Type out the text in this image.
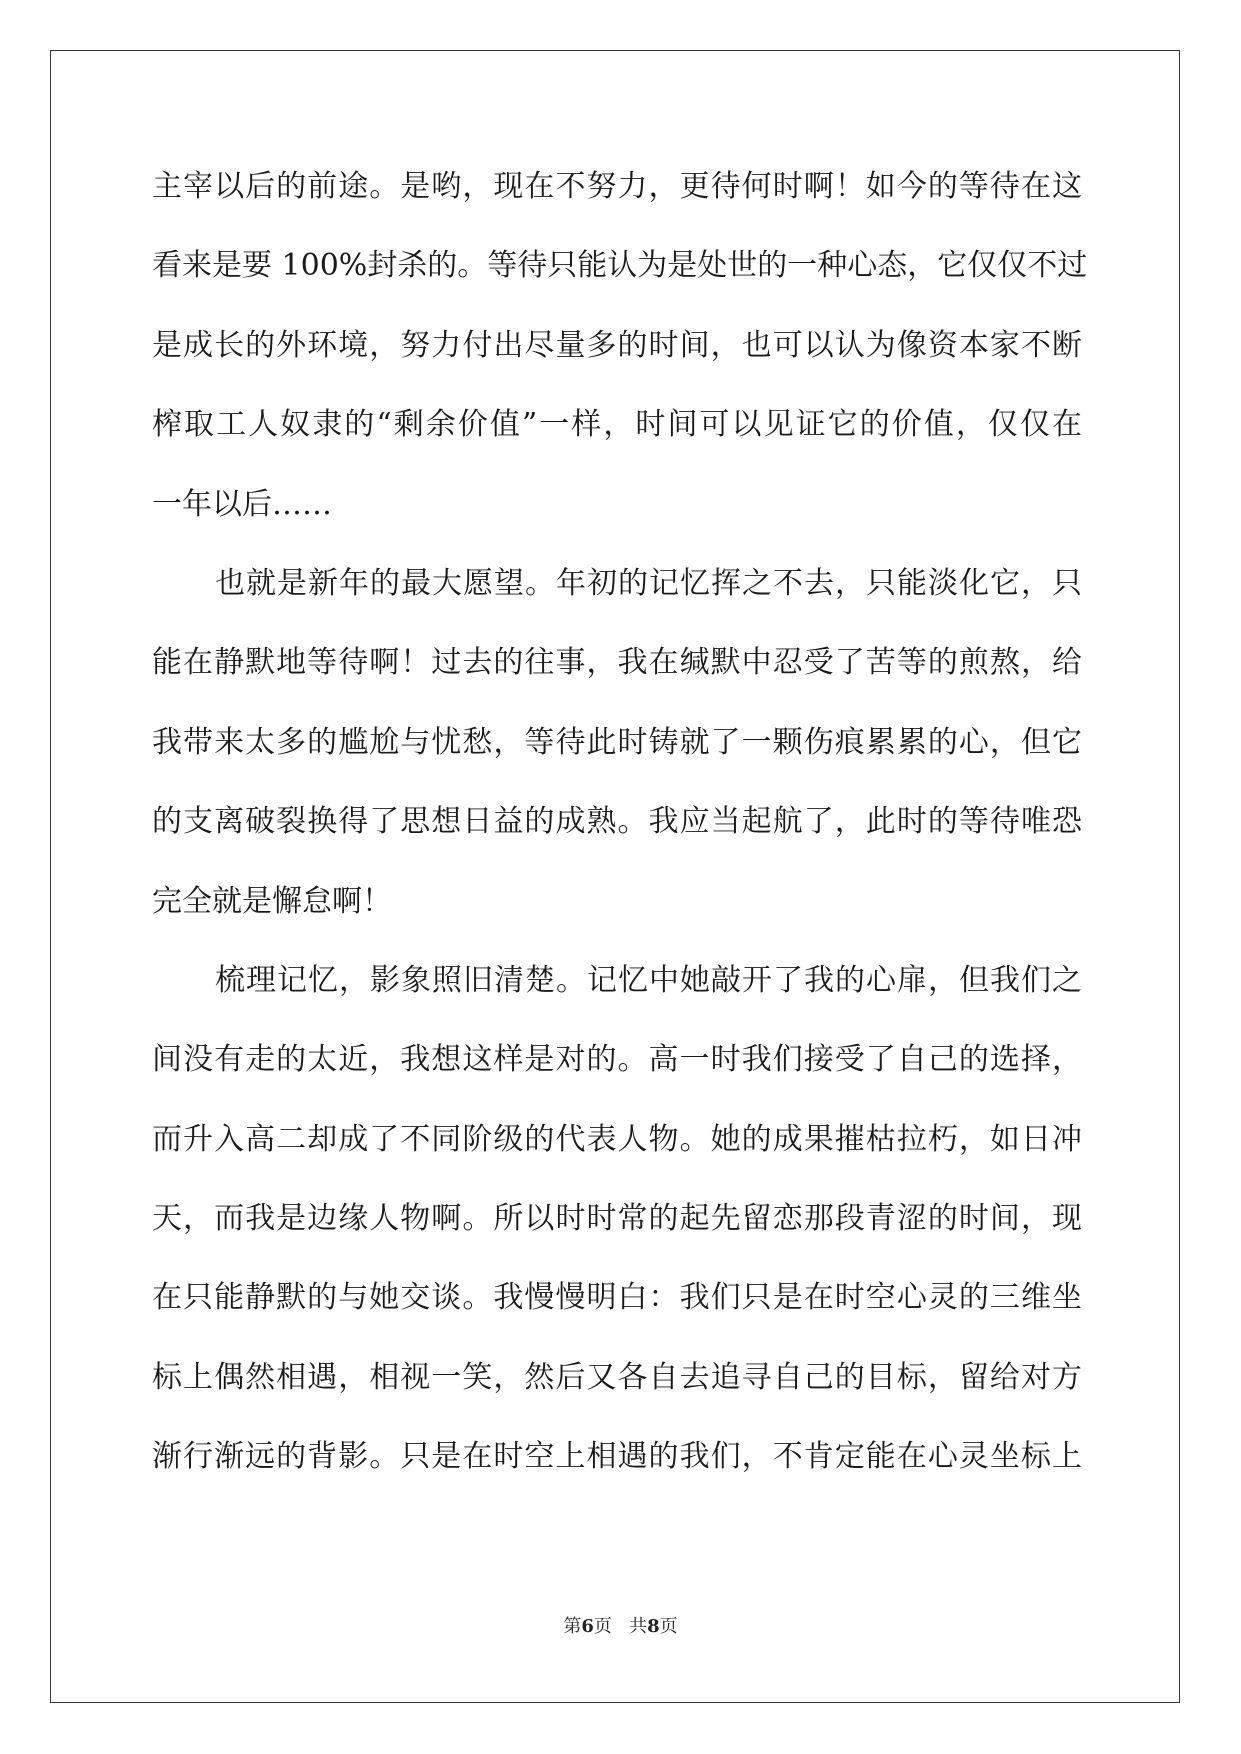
主宰以后的前途。是哟，现在不努力，更待何时啊！如今的等待在这
看来是要 100%封杀的。等待只能认为是处世的一种心态，它仅仅不过
是成长的外环境，努力付出尽量多的时间，也可以认为像资本家不断
榨取工人奴隶的“剩余价值”一样，时间可以见证它的价值，仅仅在
一年以后……
也就是新年的最大愿望。年初的记忆挥之不去，只能淡化它，只
能在静默地等待啊！过去的往事，我在缄默中忍受了苦等的煎熬，给
我带来太多的尴尬与忧愁，等待此时铸就了一颗伤痕累累的心，但它
的支离破裂换得了思想日益的成熟。我应当起航了，此时的等待唯恐
完全就是懈怠啊！
梳理记忆，影象照旧清楚。记忆中她敲开了我的心扉，但我们之
间没有走的太近，我想这样是对的。高一时我们接受了自己的选择，
而升入高二却成了不同阶级的代表人物。她的成果摧枯拉朽，如日冲
天，而我是边缘人物啊。所以时时常的起先留恋那段青涩的时间，现
在只能静默的与她交谈。我慢慢明白：我们只是在时空心灵的三维坐
标上偶然相遇，相视一笑，然后又各自去追寻自己的目标，留给对方
渐行渐远的背影。只是在时空上相遇的我们，不肯定能在心灵坐标上
第6页   共8页
